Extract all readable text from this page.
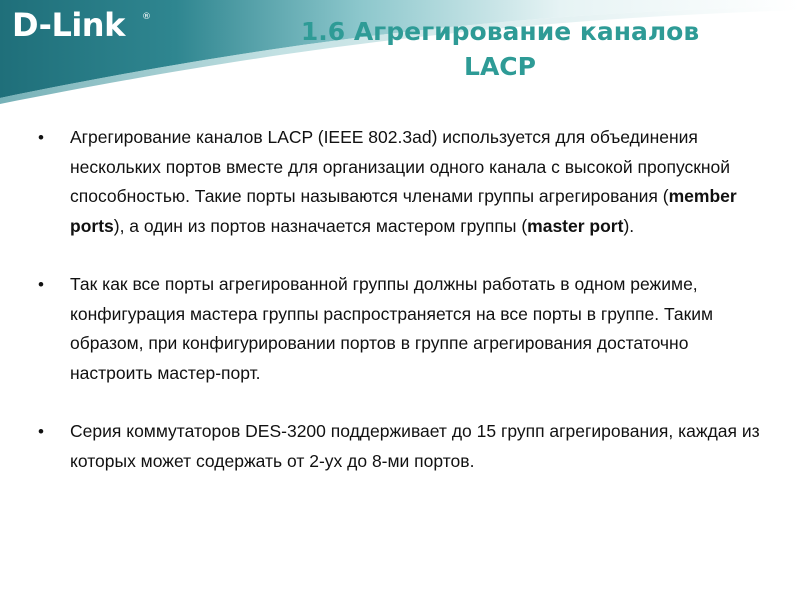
D-Link ®	1.6 Агрегирование каналов
LACP
• Агрегирование каналов LACP (IEEE 802.3ad) используется для объединения нескольких портов вместе для организации одного канала с высокой пропускной способностью. Такие порты называются членами группы агрегирования (member ports), а один из портов назначается мастером группы (master port).
• Так как все порты агрегированной группы должны работать в одном режиме, конфигурация мастера группы распространяется на все порты в группе. Таким образом, при конфигурировании портов в группе агрегирования достаточно настроить мастер-порт.
• Серия коммутаторов DES-3200 поддерживает до 15 групп агрегирования, каждая из которых может содержать от 2-ух до 8-ми портов.
